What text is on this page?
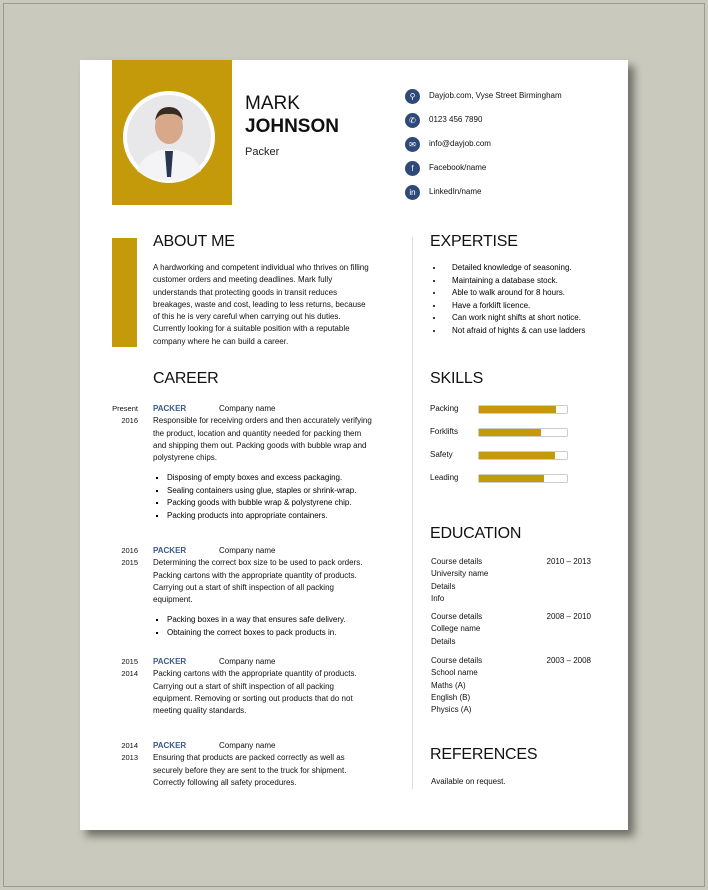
MARK
JOHNSON
Packer
⚲	Dayjob.com, Vyse Street Birmingham
✆	0123 456 7890
✉	info@dayjob.com
f	Facebook/name
in	LinkedIn/name
ABOUT ME
A hardworking and competent individual who thrives on filling customer orders and meeting deadlines. Mark fully understands that protecting goods in transit reduces breakages, waste and cost, leading to less returns, because of this he is very careful when carrying out his duties. Currently looking for a suitable position with a reputable company where he can build a career.
CAREER
Present
2016
PACKER	Company name
Responsible for receiving orders and then accurately verifying the product, location and quantity needed for packing them and shipping them out. Packing goods with bubble wrap and polystyrene chips.
▪ Disposing of empty boxes and excess packaging.
▪ Sealing containers using glue, staples or shrink-wrap.
▪ Packing goods with bubble wrap & polystyrene chip.
▪ Packing products into appropriate containers.
2016
2015
PACKER	Company name
Determining the correct box size to be used to pack orders. Packing cartons with the appropriate quantity of products. Carrying out a start of shift inspection of all packing equipment.
▪ Packing boxes in a way that ensures safe delivery.
▪ Obtaining the correct boxes to pack products in.
2015
2014
PACKER	Company name
Packing cartons with the appropriate quantity of products. Carrying out a start of shift inspection of all packing equipment. Removing or sorting out products that do not meeting quality standards.
2014
2013
PACKER	Company name
Ensuring that products are packed correctly as well as securely before they are sent to the truck for shipment. Correctly following all safety procedures.
EXPERTISE
• Detailed knowledge of seasoning.
• Maintaining a database stock.
• Able to walk around for 8 hours.
• Have a forklift licence.
• Can work night shifts at short notice.
• Not afraid of hights & can use ladders
SKILLS
Packing
Forklifts
Safety
Leading
EDUCATION
Course details	2010 – 2013
University name
Details
Info
Course details	2008 – 2010
College name
Details
Course details	2003 – 2008
School name
Maths (A)
English (B)
Physics (A)
REFERENCES
Available on request.
